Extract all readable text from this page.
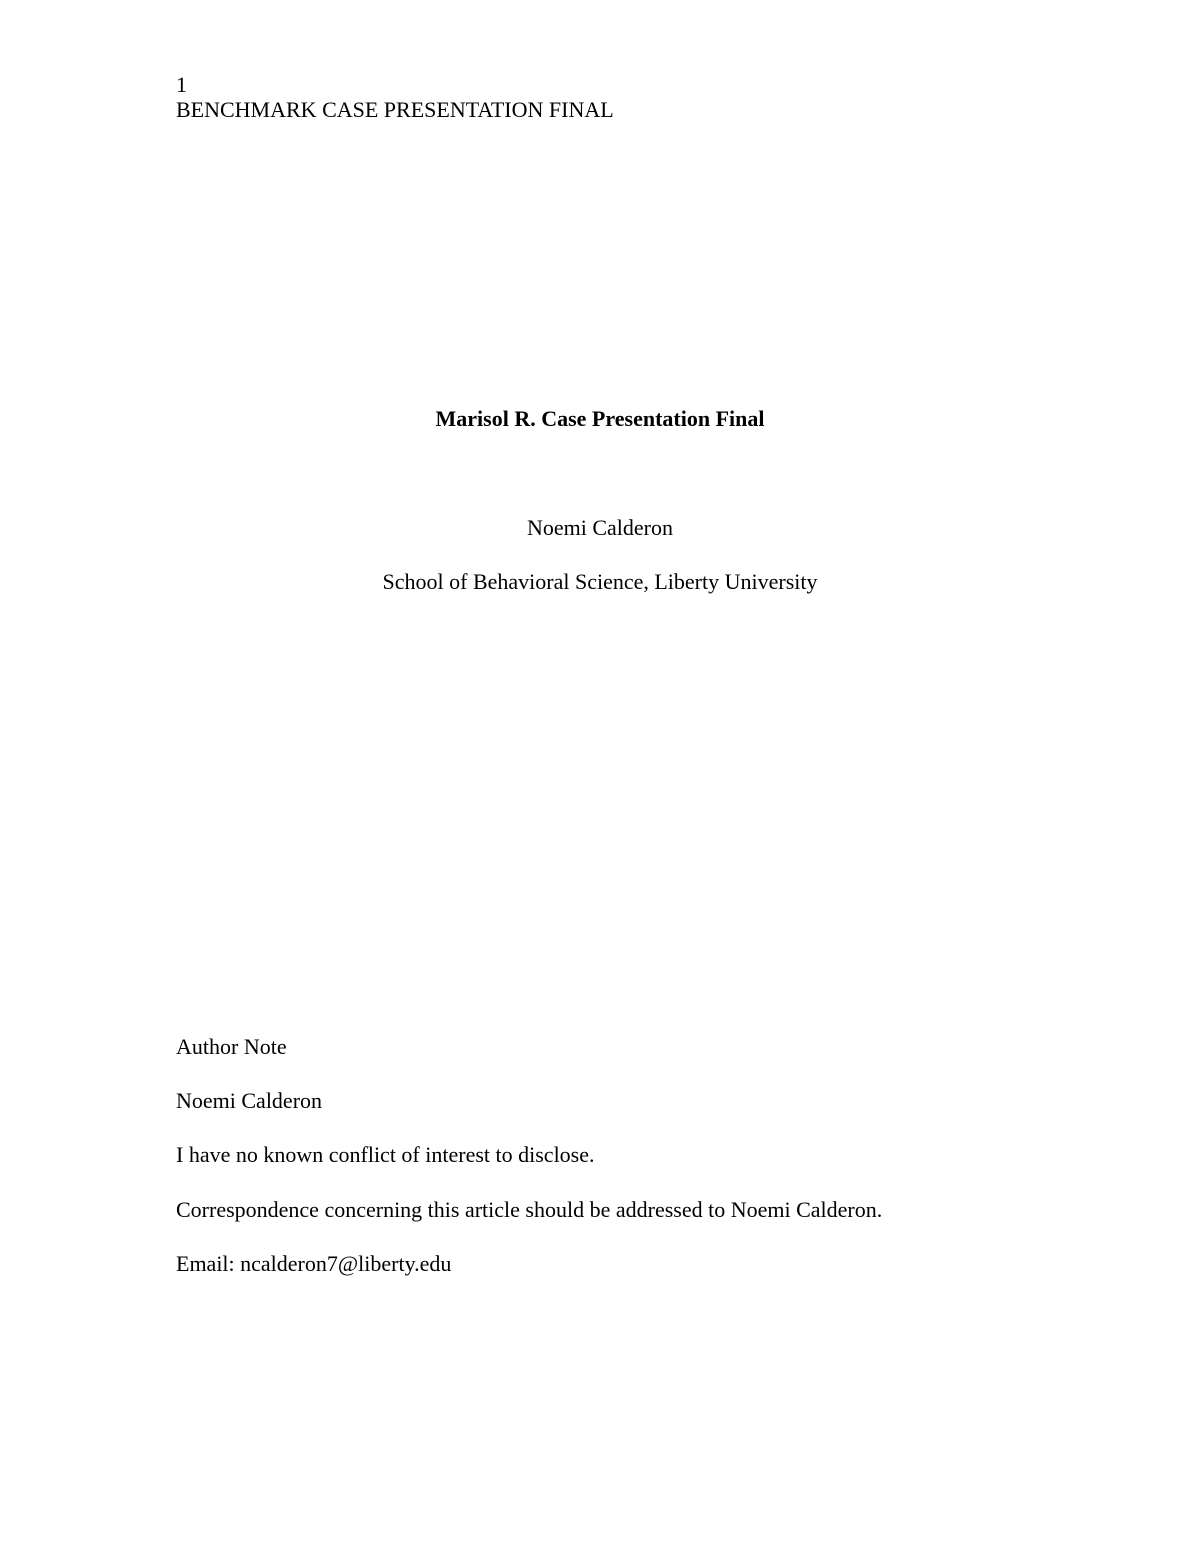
1
BENCHMARK CASE PRESENTATION FINAL
Marisol R. Case Presentation Final
Noemi Calderon
School of Behavioral Science, Liberty University
Author Note
Noemi Calderon
I have no known conflict of interest to disclose.
Correspondence concerning this article should be addressed to Noemi Calderon.
Email: ncalderon7@liberty.edu
